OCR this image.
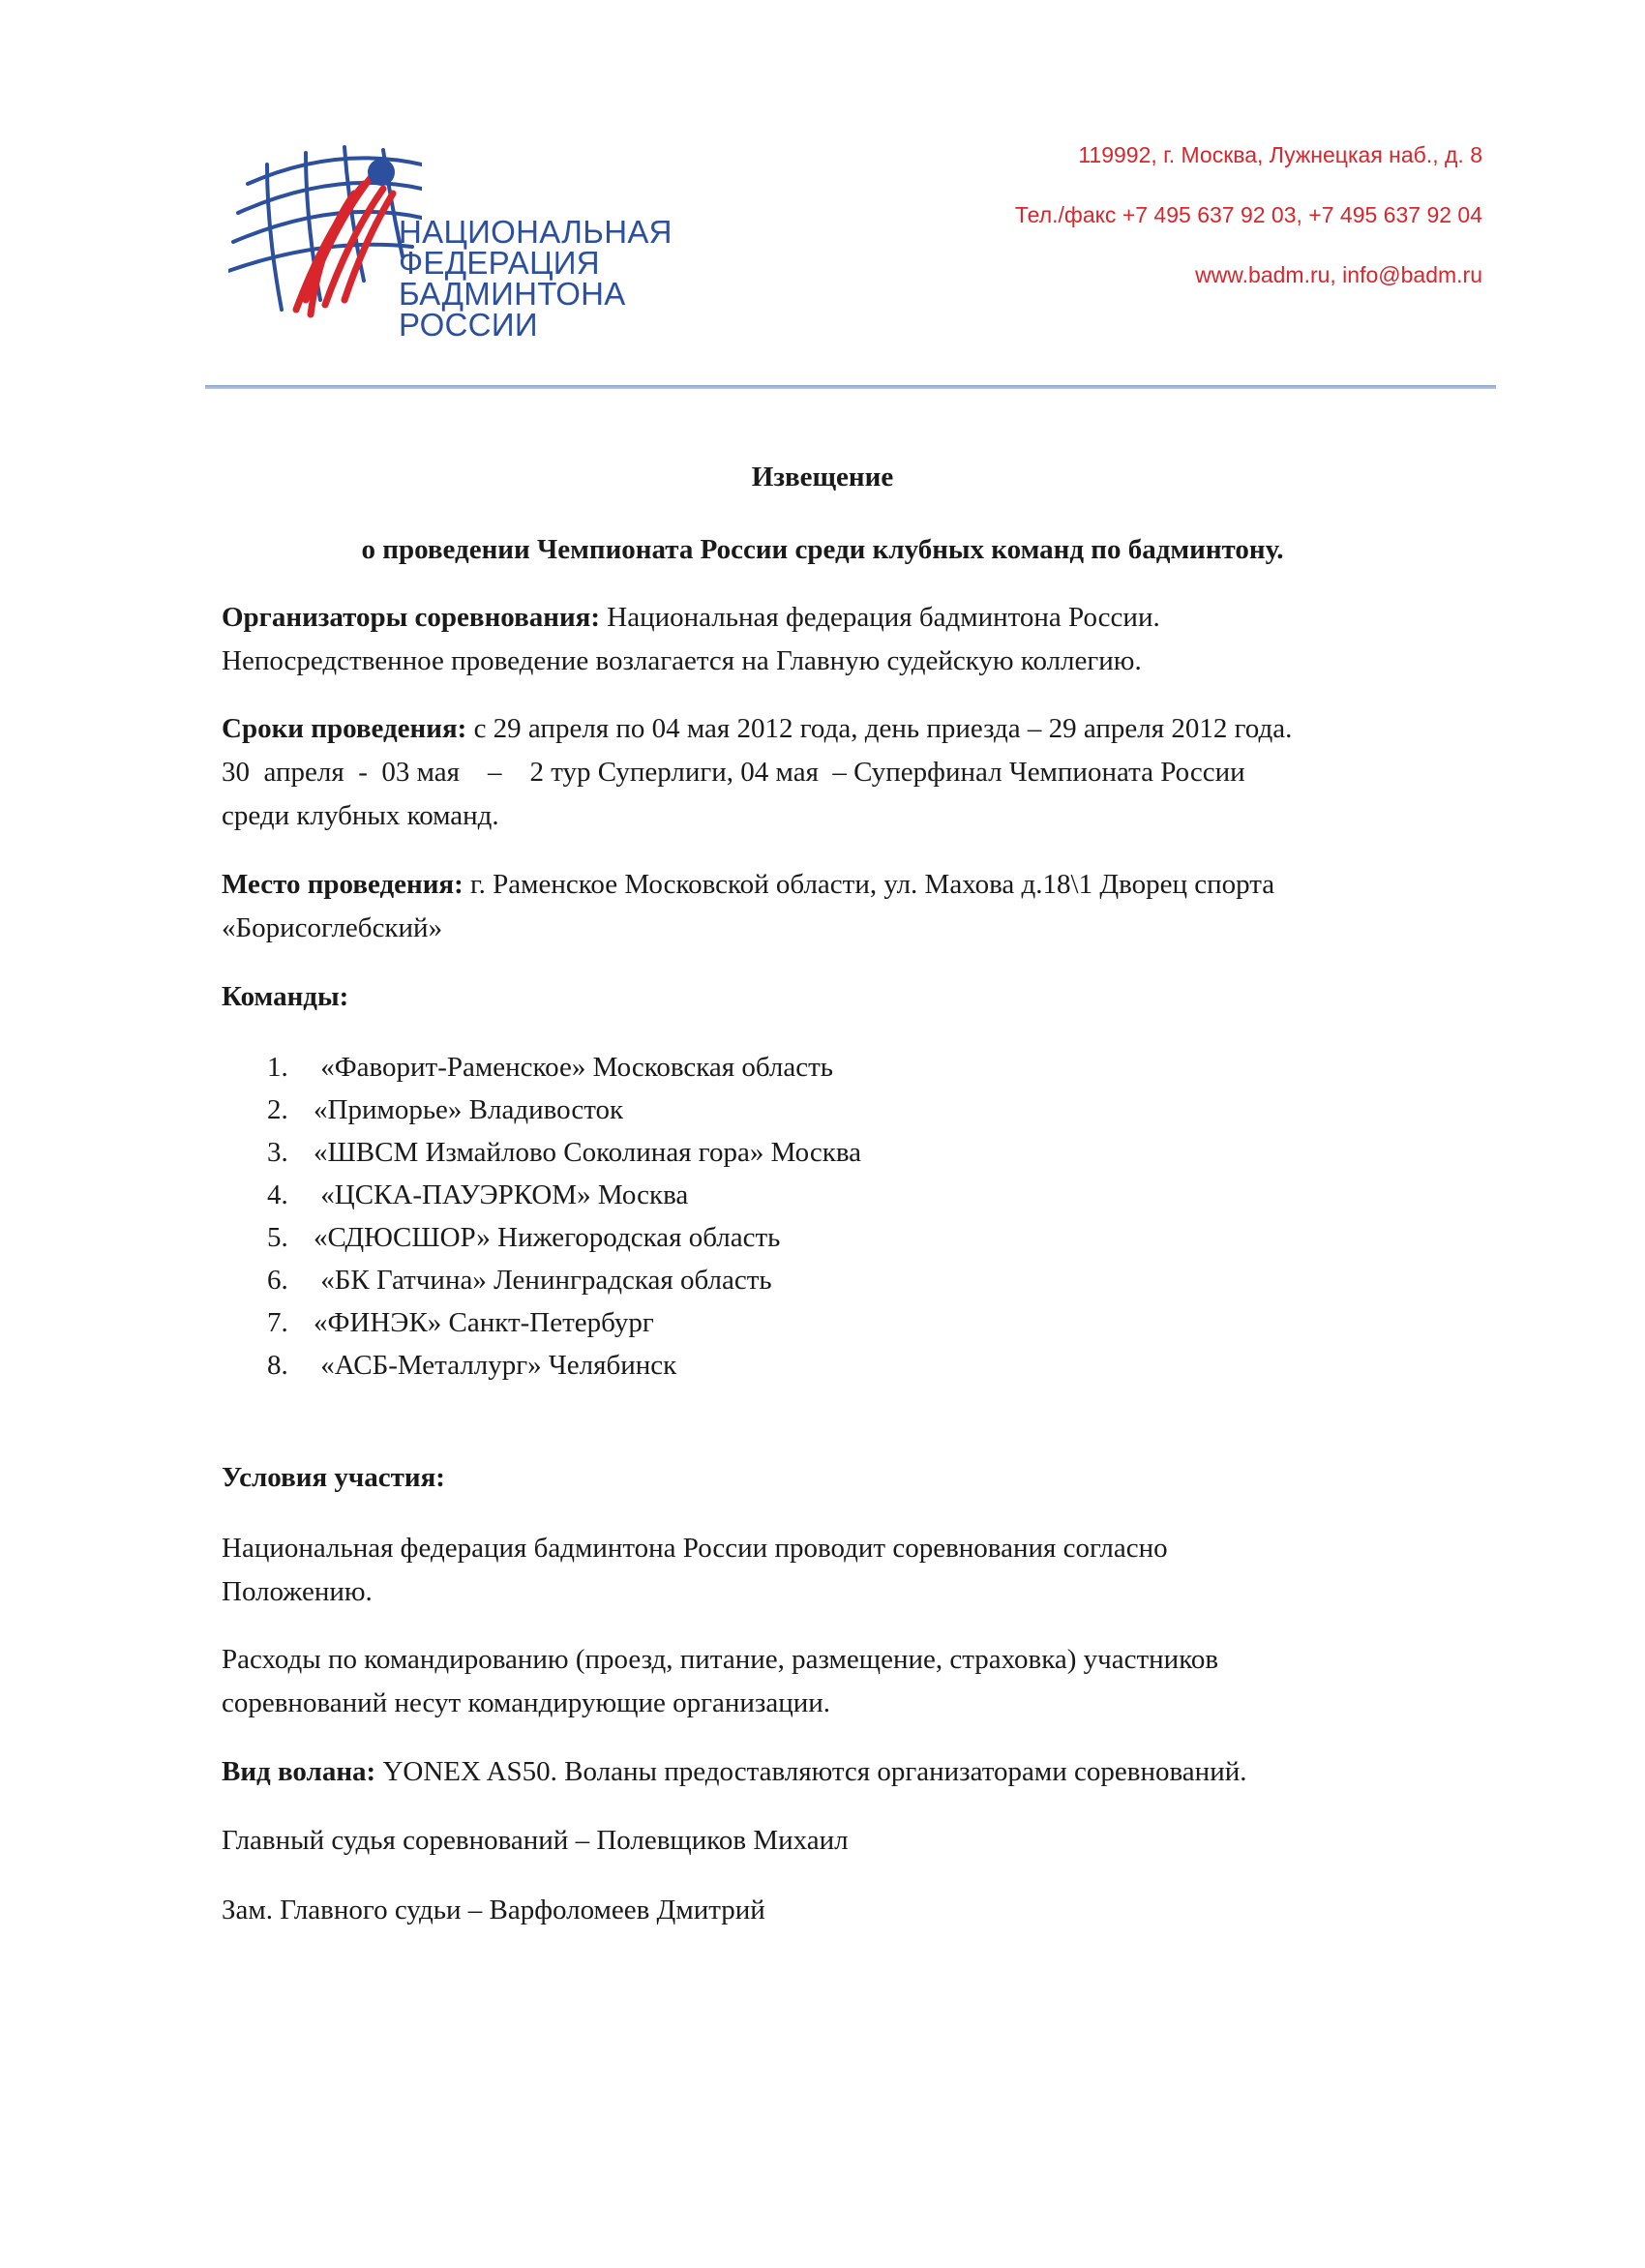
НАЦИОНАЛЬНАЯ ФЕДЕРАЦИЯ
БАДМИНТОНА
РОССИИ
119992, г. Москва, Лужнецкая наб., д. 8
Тел./факс +7 495 637 92 03, +7 495 637 92 04
www.badm.ru, info@badm.ru
Извещение
о проведении Чемпионата России среди клубных команд по бадминтону.
Организаторы соревнования: Национальная федерация бадминтона России.
Непосредственное проведение возлагается на Главную судейскую коллегию.
Сроки проведения: с 29 апреля по 04 мая 2012 года, день приезда – 29 апреля 2012 года.
30  апреля  -  03 мая    –    2 тур Суперлиги, 04 мая  – Суперфинал Чемпионата России
среди клубных команд.
Место проведения: г. Раменское Московской области, ул. Махова д.18\1 Дворец спорта
«Борисоглебский»
Команды:
1. «Фаворит-Раменское» Московская область
2. «Приморье» Владивосток
3. «ШВСМ Измайлово Соколиная гора» Москва
4. «ЦСКА-ПАУЭРКОМ» Москва
5. «СДЮСШОР» Нижегородская область
6. «БК Гатчина» Ленинградская область
7. «ФИНЭК» Санкт-Петербург
8. «АСБ-Металлург» Челябинск
Условия участия:
Национальная федерация бадминтона России проводит соревнования согласно
Положению.
Расходы по командированию (проезд, питание, размещение, страховка) участников
соревнований несут командирующие организации.
Вид волана: YONEX AS50. Воланы предоставляются организаторами соревнований.
Главный судья соревнований – Полевщиков Михаил
Зам. Главного судьи – Варфоломеев Дмитрий
